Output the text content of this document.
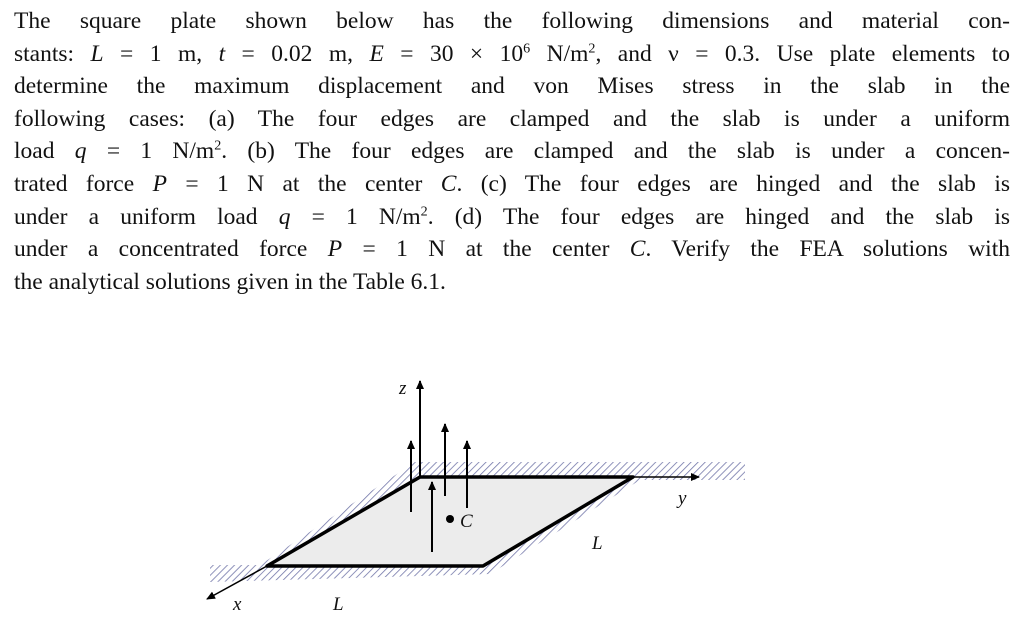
The square plate shown below has the following dimensions and material con-
stants: L = 1 m, t = 0.02 m, $E = 30 \times 10^6$ $N/m^2$, and ν = 0.3. Use plate elements to
determine the maximum displacement and von Mises stress in the slab in the
following cases: (a) The four edges are clamped and the slab is under a uniform
load q = 1 $N/m^2$. (b) The four edges are clamped and the slab is under a concen-
trated force P = 1 N at the center C. (c) The four edges are hinged and the slab is
under a uniform load q = 1 $N/m^2$. (d) The four edges are hinged and the slab is
under a concentrated force P = 1 N at the center C. Verify the FEA solutions with
the analytical solutions given in the Table 6.1.
z
y
x
C
L
L
